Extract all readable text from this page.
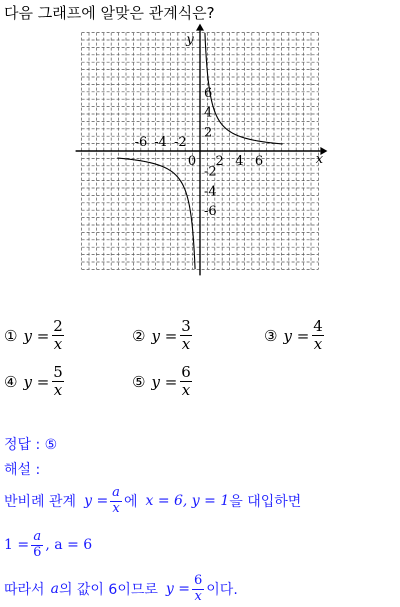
다음 그래프에 알맞은 관계식은?
-6 -4 -2
2 4 6
6
4
2
-2
-4
-6
0	x
y
① $y = \frac{2}{x}$	② $y = \frac{3}{x}$	③ $y = \frac{4}{x}$
④ $y = \frac{5}{x}$	⑤ $y = \frac{6}{x}$
정답 : ⑤
해설 :
반비례 관계 $y = \frac{a}{x}$ 에 x = 6, y = 1 을 대입하면
$1 = \frac{a}{6}$ , a = 6
따라서 a 의 값이 6이므로 $y = \frac{6}{x}$ 이다.
